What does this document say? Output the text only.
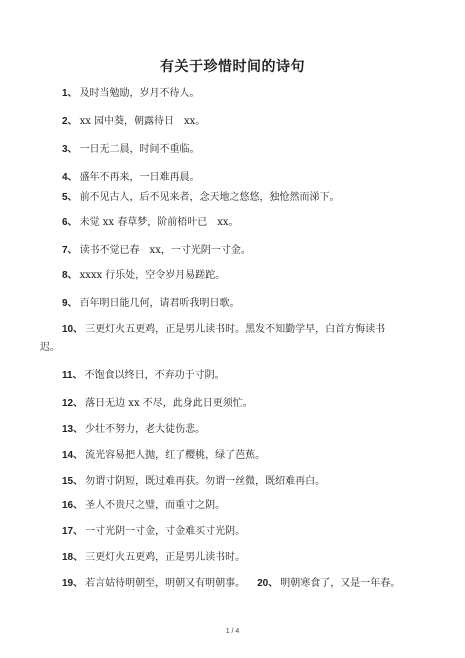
有关于珍惜时间的诗句
1、 及时当勉励，岁月不待人。
2、 xx 园中葵，朝露待日　xx。
3、 一日无二晨，时间不重临。
4、 盛年不再来，一日难再晨。
5、 前不见古人，后不见来者，念天地之悠悠，独怆然而涕下。
6、 未觉 xx 春草梦，阶前梧叶已　xx。
7、 读书不觉已春　xx，一寸光阴一寸金。
8、 xxxx 行乐处，空令岁月易蹉跎。
9、 百年明日能几何，请君听我明日歌。
10、 三更灯火五更鸡，正是男儿读书时。黑发不知勤学早，白首方悔读书
迟。
11、 不饱食以终日，不弃功于寸阴。
12、 落日无边 xx 不尽，此身此日更须忙。
13、 少壮不努力，老大徒伤悲。
14、 流光容易把人抛，红了樱桃，绿了芭蕉。
15、 勿谓寸阴短，既过难再获。勿谓一丝微，既绍难再白。
16、 圣人不贵尺之璧，而重寸之阴。
17、 一寸光阴一寸金，寸金难买寸光阴。
18、 三更灯火五更鸡，正是男儿读书时。
19、 若言姑待明朝至，明朝又有明朝事。 20、 明朝寒食了，又是一年春。
1 / 4
